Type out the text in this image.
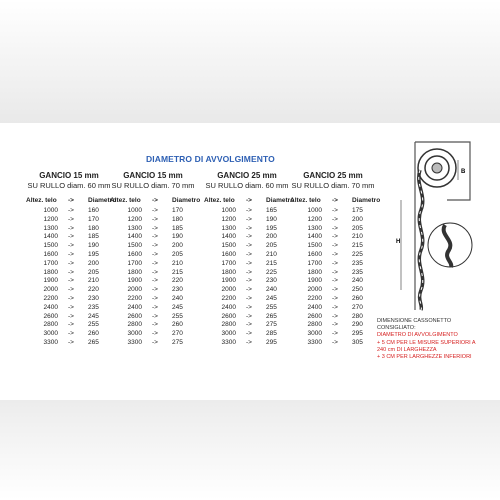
DIAMETRO DI AVVOLGIMENTO
GANCIO 15 mm
SU RULLO diam. 60 mm
Altez. telo -> Diametro
1000 -> 160
1200 -> 170
1300 -> 180
1400 -> 185
1500 -> 190
1600 -> 195
1700 -> 200
1800 -> 205
1900 -> 210
2000 -> 220
2200 -> 230
2400 -> 235
2600 -> 245
2800 -> 255
3000 -> 260
3300 -> 265
GANCIO 15 mm
SU RULLO diam. 70 mm
Altez. telo -> Diametro
1000 -> 170
1200 -> 180
1300 -> 185
1400 -> 190
1500 -> 200
1600 -> 205
1700 -> 210
1800 -> 215
1900 -> 220
2000 -> 230
2200 -> 240
2400 -> 245
2600 -> 255
2800 -> 260
3000 -> 270
3300 -> 275
GANCIO 25 mm
SU RULLO diam. 60 mm
Altez. telo -> Diametro
1000 -> 165
1200 -> 190
1300 -> 195
1400 -> 200
1500 -> 205
1600 -> 210
1700 -> 215
1800 -> 225
1900 -> 230
2000 -> 240
2200 -> 245
2400 -> 255
2600 -> 265
2800 -> 275
3000 -> 285
3300 -> 295
GANCIO 25 mm
SU RULLO diam. 70 mm
Altez. telo -> Diametro
1000 -> 175
1200 -> 200
1300 -> 205
1400 -> 210
1500 -> 215
1600 -> 225
1700 -> 235
1800 -> 235
1900 -> 240
2000 -> 250
2200 -> 260
2400 -> 270
2600 -> 280
2800 -> 290
3000 -> 295
3300 -> 305
DIMENSIONE CASSONETTO
CONSIGLIATO:
DIAMETRO DI AVVOLGIMENTO
+ 5 CM PER LE MISURE SUPERIORI A
240 cm DI LARGHEZZA
+ 3 CM PER LARGHEZZE INFERIORI
B
H
